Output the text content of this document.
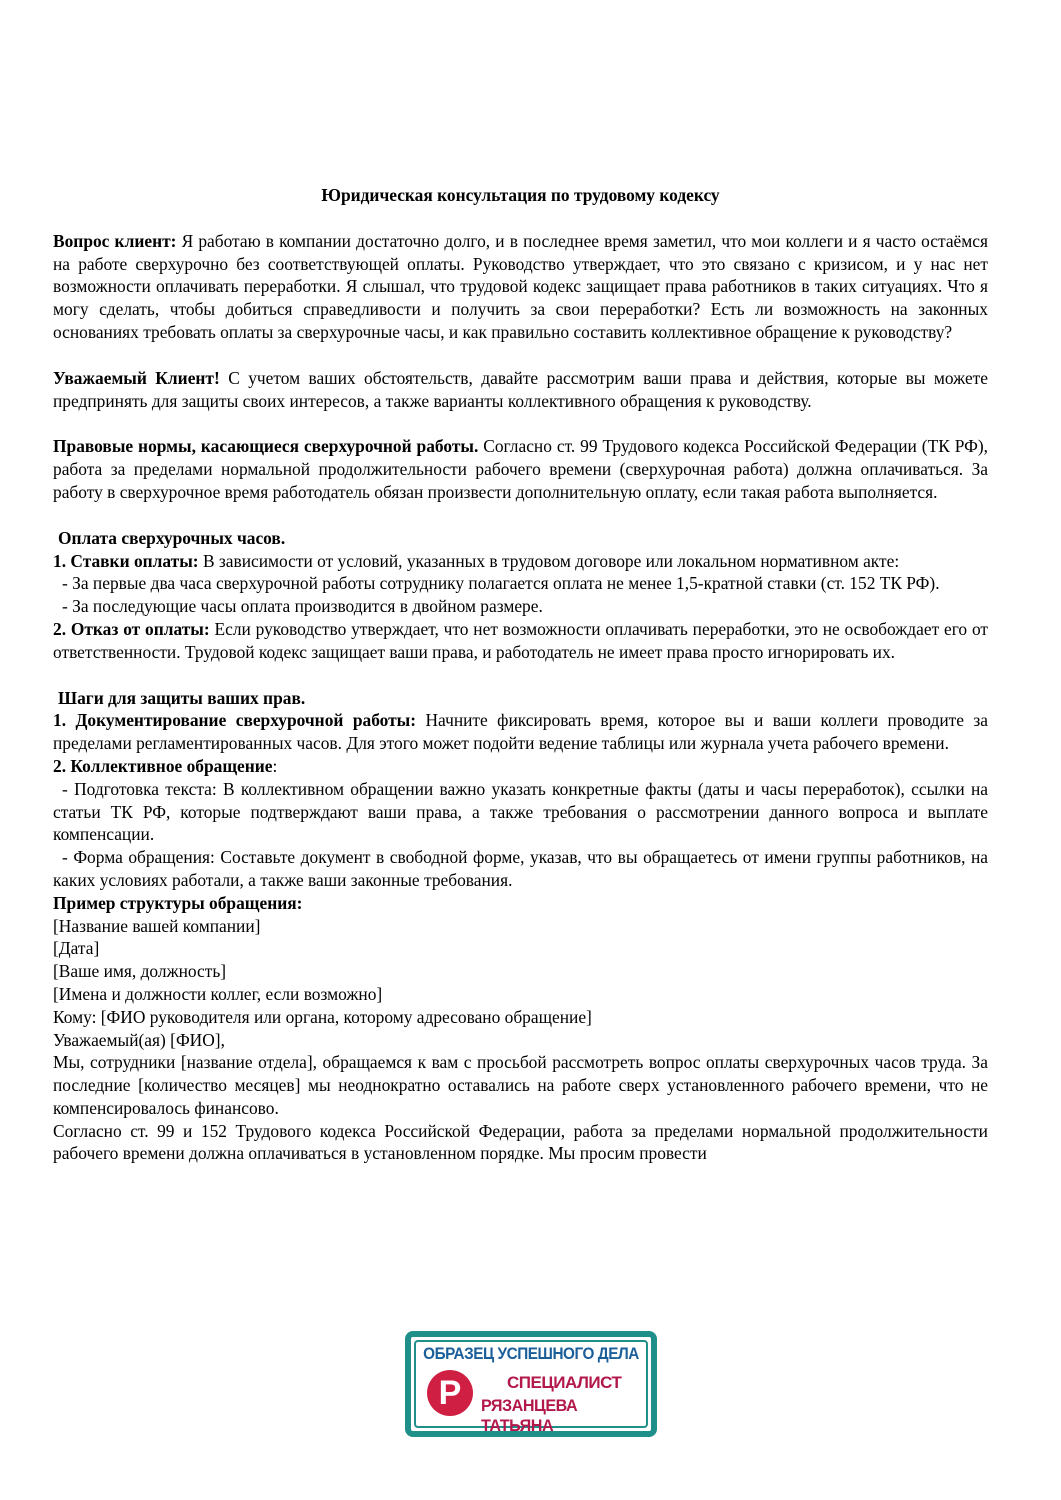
Юридическая консультация по трудовому кодексу

Вопрос клиент: Я работаю в компании достаточно долго, и в последнее время заметил, что мои коллеги и я часто остаёмся на работе сверхурочно без соответствующей оплаты. Руководство утверждает, что это связано с кризисом, и у нас нет возможности оплачивать переработки. Я слышал, что трудовой кодекс защищает права работников в таких ситуациях. Что я могу сделать, чтобы добиться справедливости и получить за свои переработки? Есть ли возможность на законных основаниях требовать оплаты за сверхурочные часы, и как правильно составить коллективное обращение к руководству?

Уважаемый Клиент! С учетом ваших обстоятельств, давайте рассмотрим ваши права и действия, которые вы можете предпринять для защиты своих интересов, а также варианты коллективного обращения к руководству.

Правовые нормы, касающиеся сверхурочной работы. Согласно ст. 99 Трудового кодекса Российской Федерации (ТК РФ), работа за пределами нормальной продолжительности рабочего времени (сверхурочная работа) должна оплачиваться. За работу в сверхурочное время работодатель обязан произвести дополнительную оплату, если такая работа выполняется.

Оплата сверхурочных часов.

1. Ставки оплаты: В зависимости от условий, указанных в трудовом договоре или локальном нормативном акте:

- За первые два часа сверхурочной работы сотруднику полагается оплата не менее 1,5-кратной ставки (ст. 152 ТК РФ).

- За последующие часы оплата производится в двойном размере.

2. Отказ от оплаты: Если руководство утверждает, что нет возможности оплачивать переработки, это не освобождает его от ответственности. Трудовой кодекс защищает ваши права, и работодатель не имеет права просто игнорировать их.

Шаги для защиты ваших прав.

1. Документирование сверхурочной работы: Начните фиксировать время, которое вы и ваши коллеги проводите за пределами регламентированных часов. Для этого может подойти ведение таблицы или журнала учета рабочего времени.

2. Коллективное обращение:

- Подготовка текста: В коллективном обращении важно указать конкретные факты (даты и часы переработок), ссылки на статьи ТК РФ, которые подтверждают ваши права, а также требования о рассмотрении данного вопроса и выплате компенсации.

- Форма обращения: Составьте документ в свободной форме, указав, что вы обращаетесь от имени группы работников, на каких условиях работали, а также ваши законные требования.

Пример структуры обращения:

[Название вашей компании]

[Дата]

[Ваше имя, должность]

[Имена и должности коллег, если возможно]

Кому: [ФИО руководителя или органа, которому адресовано обращение]

Уважаемый(ая) [ФИО],

Мы, сотрудники [название отдела], обращаемся к вам с просьбой рассмотреть вопрос оплаты сверхурочных часов труда. За последние [количество месяцев] мы неоднократно оставались на работе сверх установленного рабочего времени, что не компенсировалось финансово.

Согласно ст. 99 и 152 Трудового кодекса Российской Федерации, работа за пределами нормальной продолжительности рабочего времени должна оплачиваться в установленном порядке. Мы просим провести

ОБРАЗЕЦ УСПЕШНОГО ДЕЛА
P	СПЕЦИАЛИСТ
РЯЗАНЦЕВА ТАТЬЯНА
